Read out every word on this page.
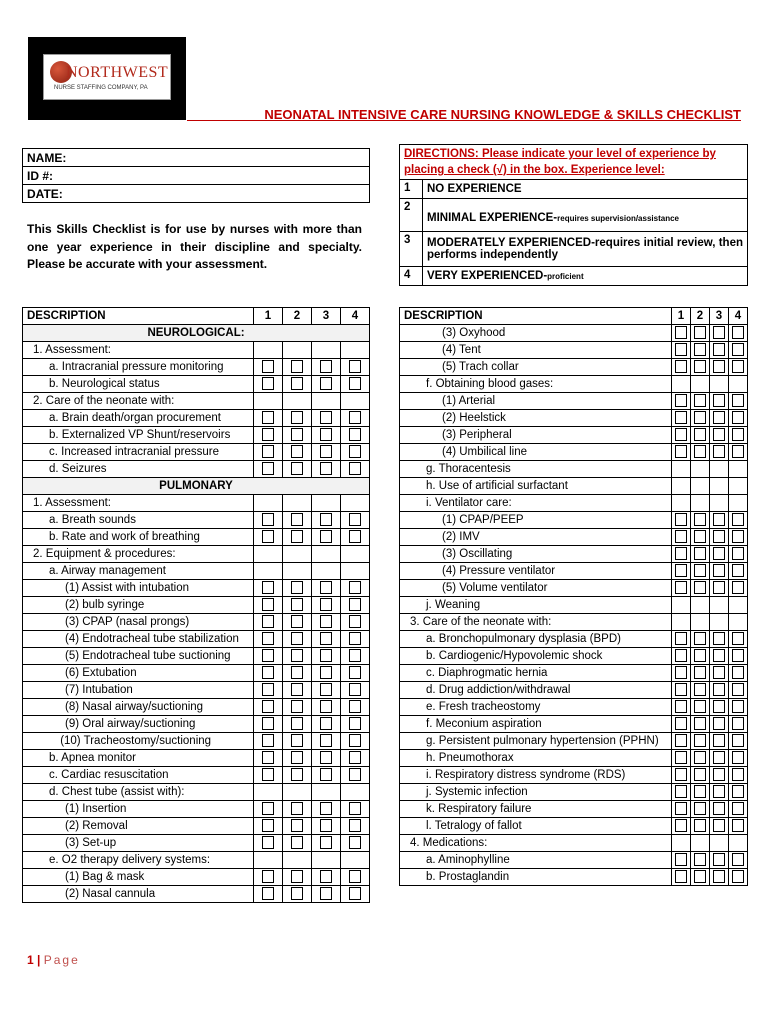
NORTHWEST
NURSE STAFFING COMPANY, PA
NEONATAL INTENSIVE CARE NURSING KNOWLEDGE & SKILLS CHECKLIST
NAME:
ID #:
DATE:
This Skills Checklist is for use by nurses with more than one year experience in their discipline and specialty. Please be accurate with your assessment.
DIRECTIONS: Please indicate your level of experience by placing a check (√) in the box. Experience level:	
1	NO EXPERIENCE
2	MINIMAL EXPERIENCE-requires supervision/assistance
3	MODERATELY EXPERIENCED-requires initial review, then performs independently
4	VERY EXPERIENCED-proficient
DESCRIPTION	1	2	3	4
NEUROLOGICAL:				
1. Assessment:				
a. Intracranial pressure monitoring				
b. Neurological status				
2. Care of the neonate with:				
a. Brain death/organ procurement				
b. Externalized VP Shunt/reservoirs				
c. Increased intracranial pressure				
d. Seizures				
PULMONARY				
1. Assessment:				
a. Breath sounds				
b. Rate and work of breathing				
2. Equipment & procedures:				
a. Airway management				
(1) Assist with intubation				
(2) bulb syringe				
(3) CPAP (nasal prongs)				
(4) Endotracheal tube stabilization				
(5) Endotracheal tube suctioning				
(6) Extubation				
(7) Intubation				
(8) Nasal airway/suctioning				
(9) Oral airway/suctioning				
(10) Tracheostomy/suctioning				
b. Apnea monitor				
c. Cardiac resuscitation				
d. Chest tube (assist with):				
(1) Insertion				
(2) Removal				
(3) Set-up				
e. O2 therapy delivery systems:				
(1) Bag & mask				
(2) Nasal cannula				
DESCRIPTION	1	2	3	4
(3) Oxyhood				
(4) Tent				
(5) Trach collar				
f. Obtaining blood gases:				
(1) Arterial				
(2) Heelstick				
(3) Peripheral				
(4) Umbilical line				
g. Thoracentesis				
h. Use of artificial surfactant				
i. Ventilator care:				
(1) CPAP/PEEP				
(2) IMV				
(3) Oscillating				
(4) Pressure ventilator				
(5) Volume ventilator				
j. Weaning				
3. Care of the neonate with:				
a. Bronchopulmonary dysplasia (BPD)				
b. Cardiogenic/Hypovolemic shock				
c. Diaphrogmatic hernia				
d. Drug addiction/withdrawal				
e. Fresh tracheostomy				
f. Meconium aspiration				
g. Persistent pulmonary hypertension (PPHN)				
h. Pneumothorax				
i. Respiratory distress syndrome (RDS)				
j. Systemic infection				
k. Respiratory failure				
l. Tetralogy of fallot				
4. Medications:				
a. Aminophylline				
b. Prostaglandin				
1 | Page
